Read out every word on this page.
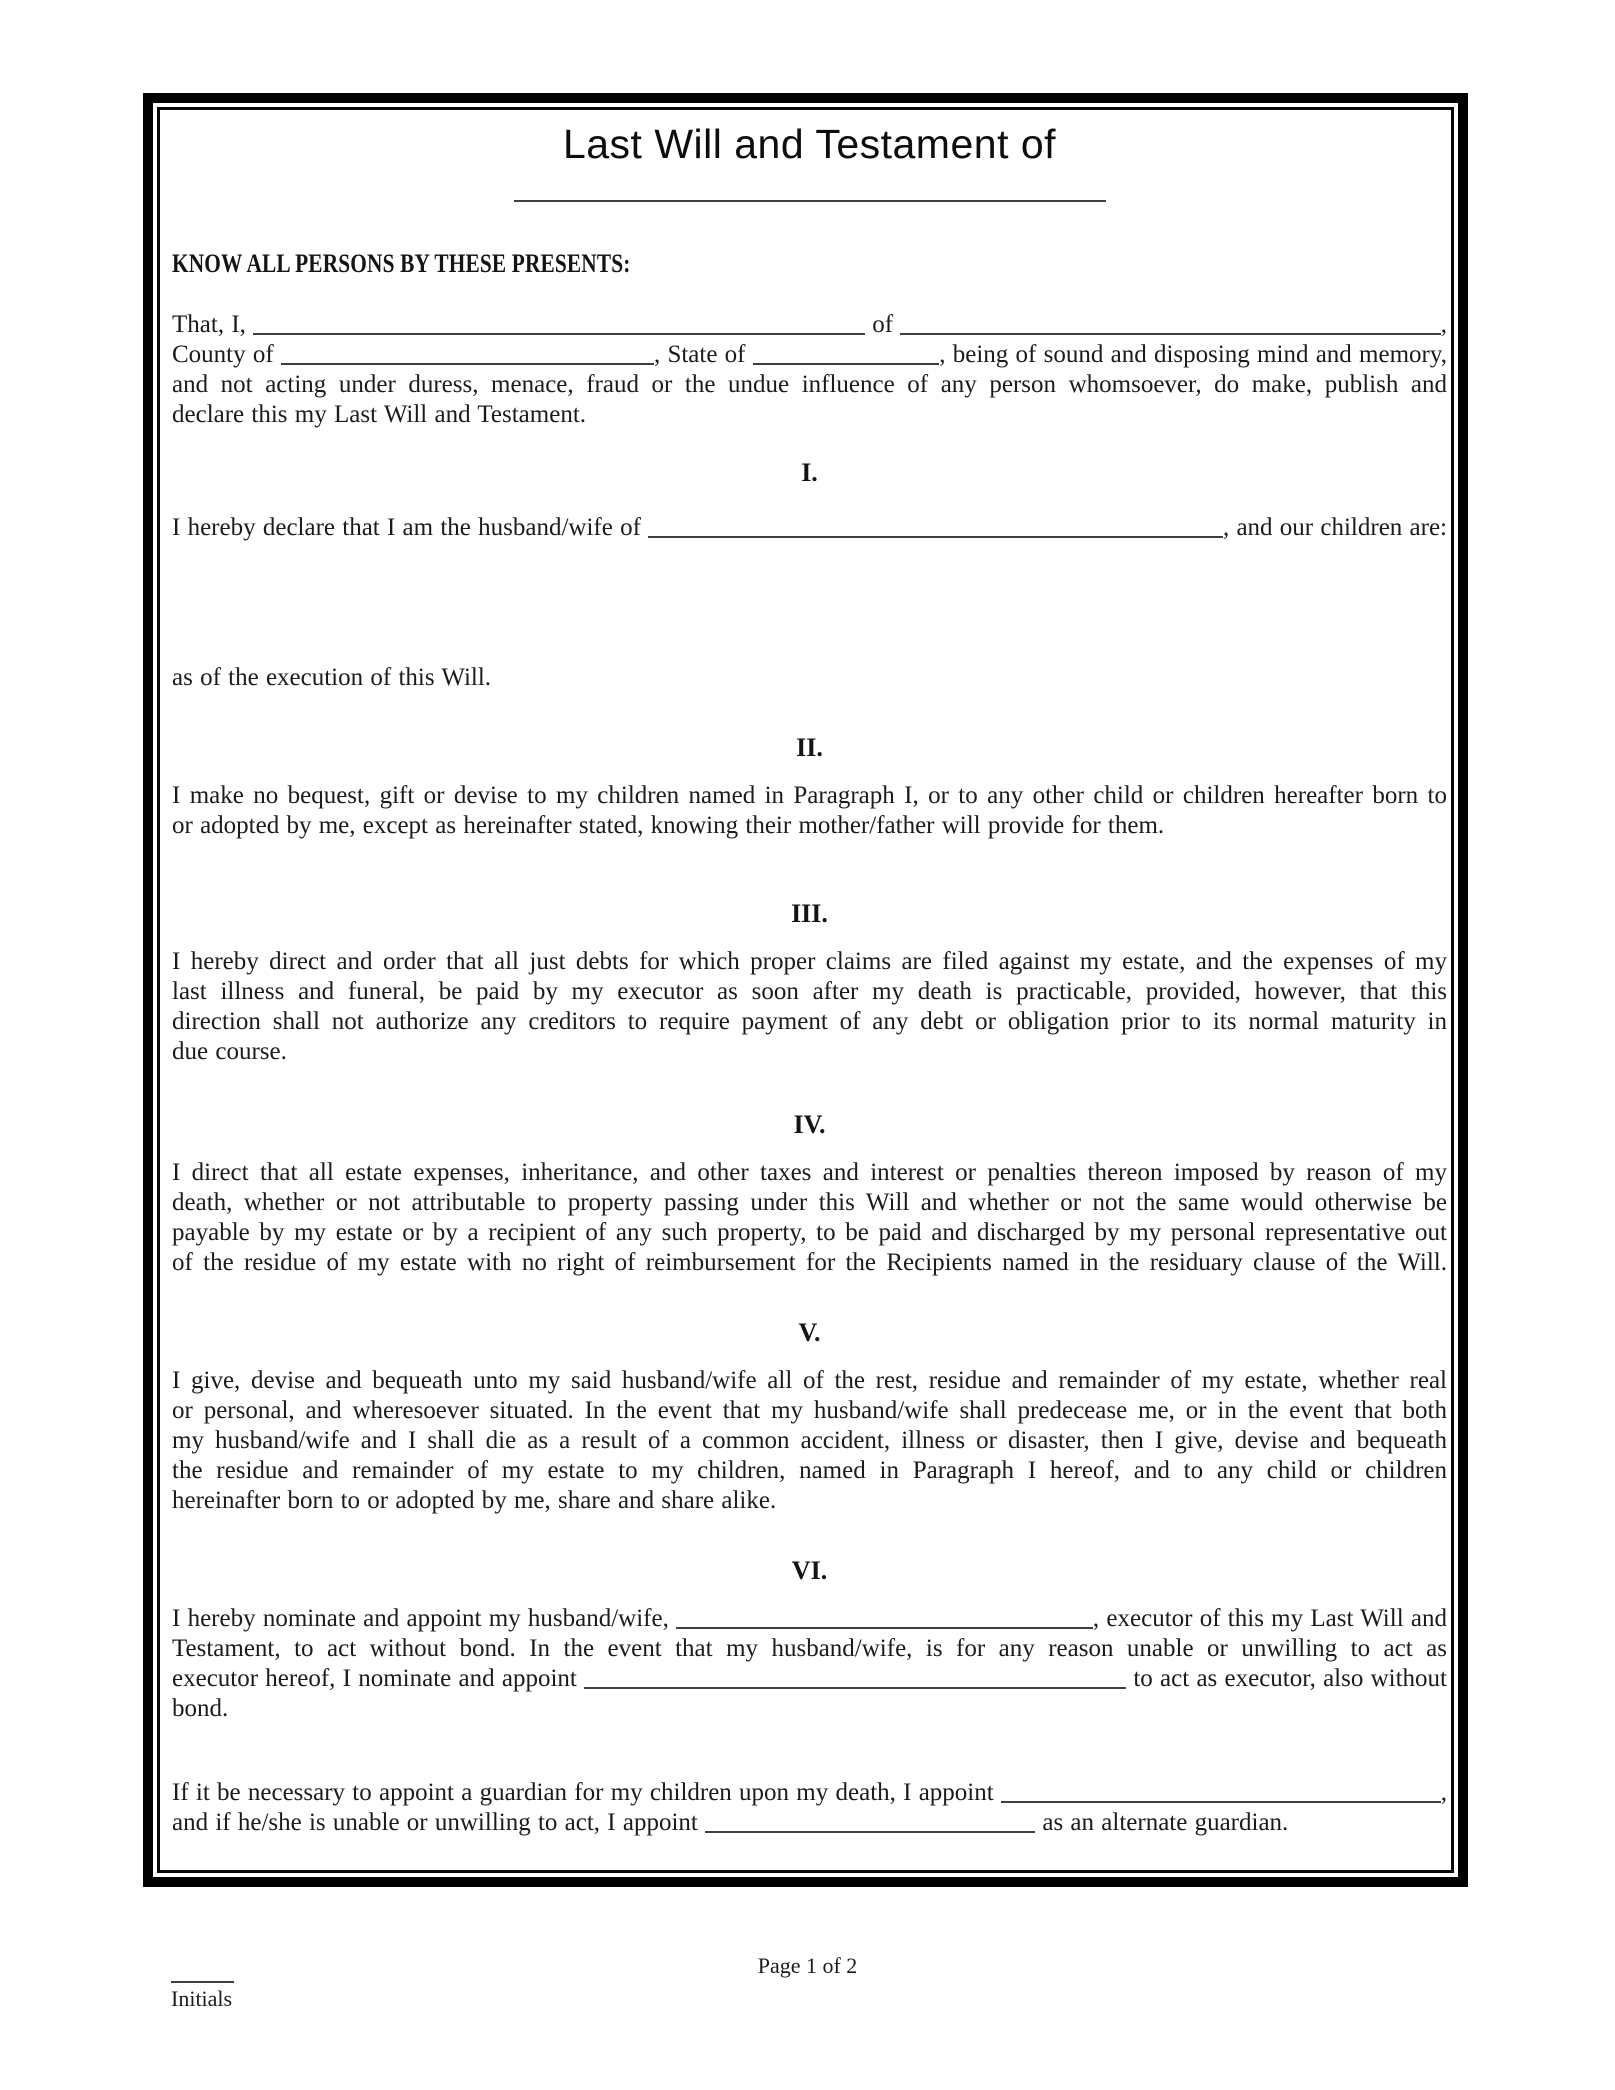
Last Will and Testament of
KNOW ALL PERSONS BY THESE PRESENTS:
That, I,	of	,
County of	, State of	, being of sound and disposing mind and memory,
and not acting under duress, menace, fraud or the undue influence of any person whomsoever, do make, publish and
declare this my Last Will and Testament.
I.
I hereby declare that I am the husband/wife of	, and our children are:
as of the execution of this Will.
II.
I make no bequest, gift or devise to my children named in Paragraph I, or to any other child or children hereafter born to
or adopted by me, except as hereinafter stated, knowing their mother/father will provide for them.
III.
I hereby direct and order that all just debts for which proper claims are filed against my estate, and the expenses of my
last illness and funeral, be paid by my executor as soon after my death is practicable, provided, however, that this
direction shall not authorize any creditors to require payment of any debt or obligation prior to its normal maturity in
due course.
IV.
I direct that all estate expenses, inheritance, and other taxes and interest or penalties thereon imposed by reason of my
death, whether or not attributable to property passing under this Will and whether or not the same would otherwise be
payable by my estate or by a recipient of any such property, to be paid and discharged by my personal representative out
of the residue of my estate with no right of reimbursement for the Recipients named in the residuary clause of the Will.
V.
I give, devise and bequeath unto my said husband/wife all of the rest, residue and remainder of my estate, whether real
or personal, and wheresoever situated. In the event that my husband/wife shall predecease me, or in the event that both
my husband/wife and I shall die as a result of a common accident, illness or disaster, then I give, devise and bequeath
the residue and remainder of my estate to my children, named in Paragraph I hereof, and to any child or children
hereinafter born to or adopted by me, share and share alike.
VI.
I hereby nominate and appoint my husband/wife,	, executor of this my Last Will and
Testament, to act without bond. In the event that my husband/wife, is for any reason unable or unwilling to act as
executor hereof, I nominate and appoint	to act as executor, also without
bond.
If it be necessary to appoint a guardian for my children upon my death, I appoint	,
and if he/she is unable or unwilling to act, I appoint	as an alternate guardian.
Initials
Page 1 of 2
